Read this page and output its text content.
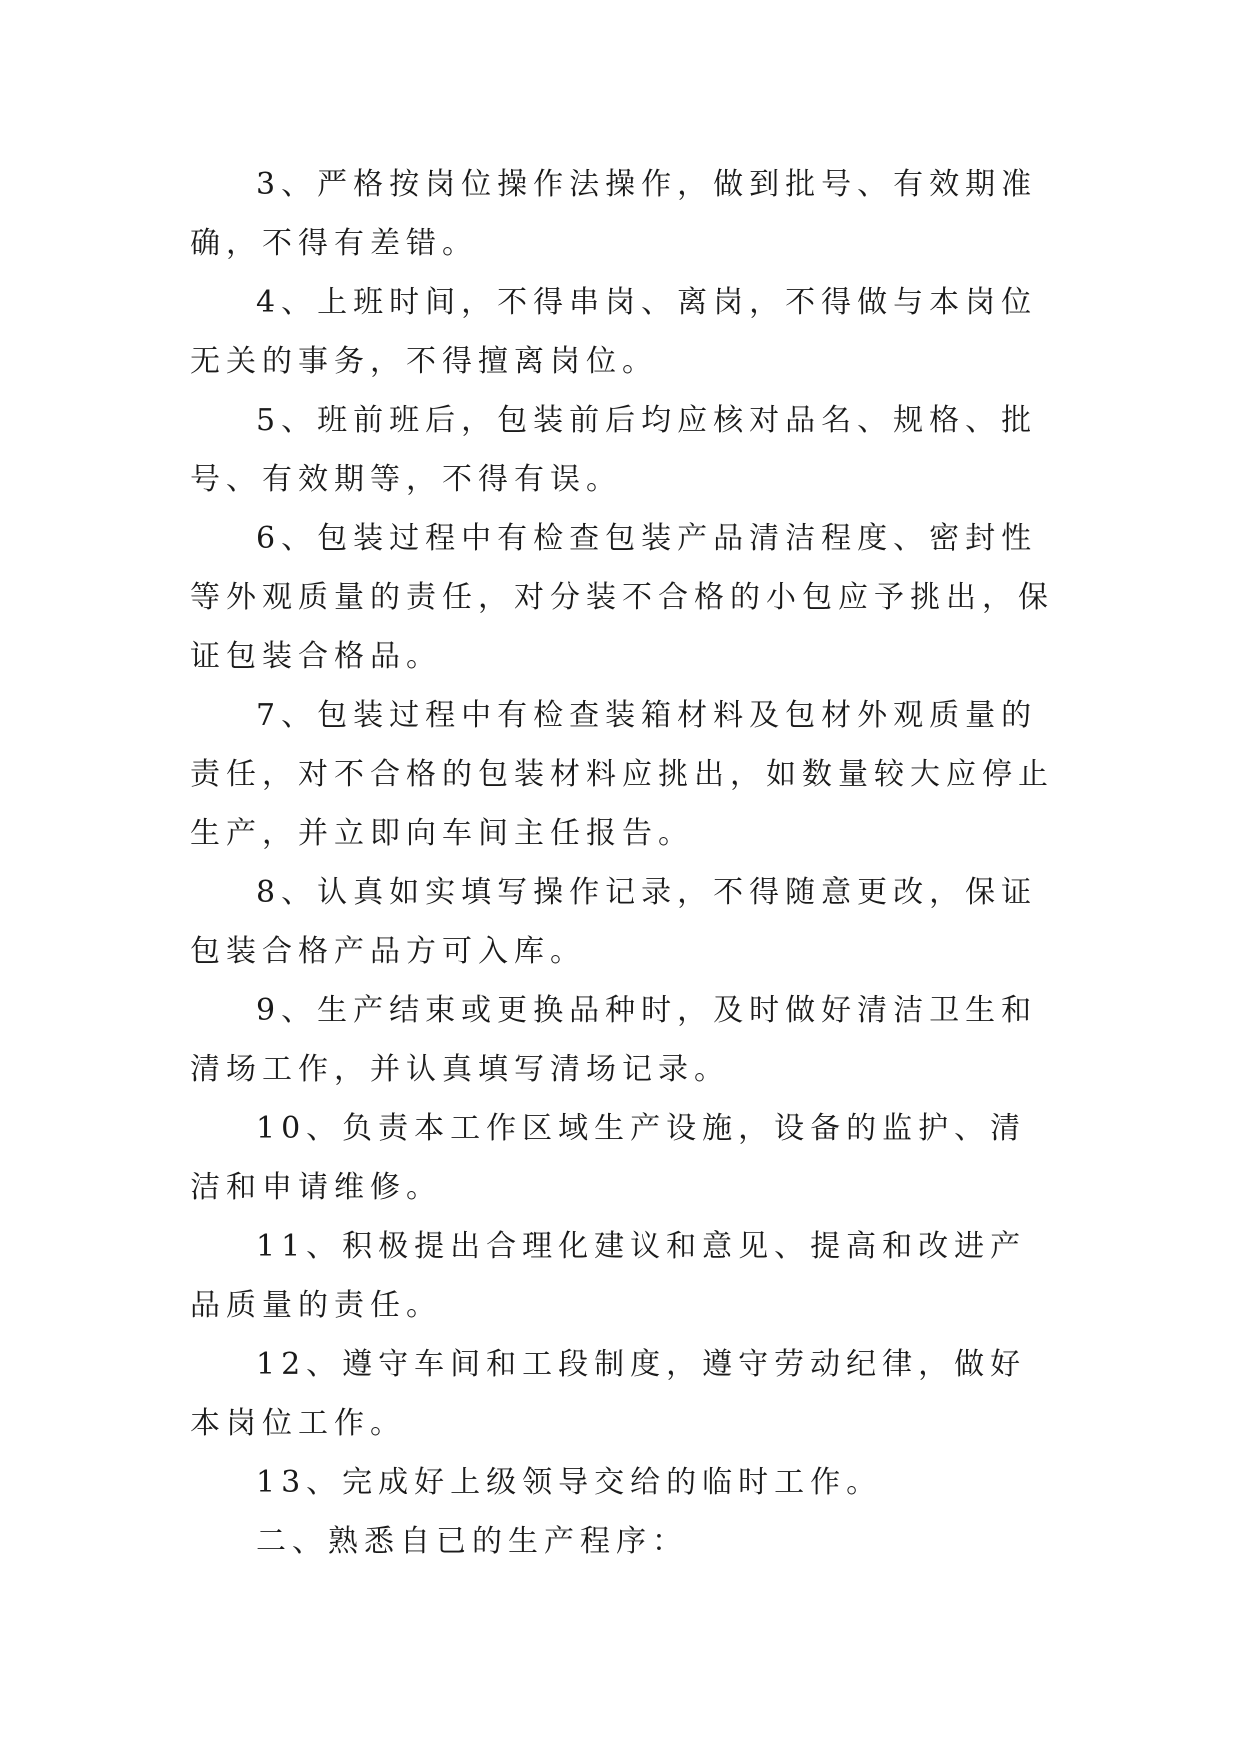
3、严格按岗位操作法操作，做到批号、有效期准确，不得有差错。

4、上班时间，不得串岗、离岗，不得做与本岗位无关的事务，不得擅离岗位。

5、班前班后，包装前后均应核对品名、规格、批号、有效期等，不得有误。

6、包装过程中有检查包装产品清洁程度、密封性等外观质量的责任，对分装不合格的小包应予挑出，保证包装合格品。

7、包装过程中有检查装箱材料及包材外观质量的责任，对不合格的包装材料应挑出，如数量较大应停止生产，并立即向车间主任报告。

8、认真如实填写操作记录，不得随意更改，保证包装合格产品方可入库。

9、生产结束或更换品种时，及时做好清洁卫生和清场工作，并认真填写清场记录。

10、负责本工作区域生产设施，设备的监护、清洁和申请维修。

11、积极提出合理化建议和意见、提高和改进产品质量的责任。

12、遵守车间和工段制度，遵守劳动纪律，做好本岗位工作。

13、完成好上级领导交给的临时工作。

二、熟悉自已的生产程序：
